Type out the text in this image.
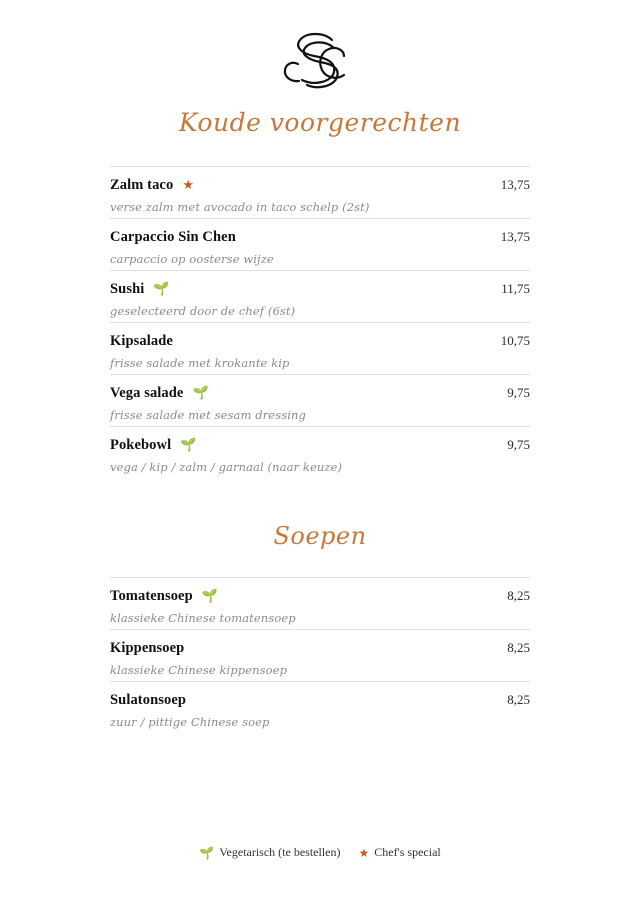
Koude voorgerechten
Zalm taco ★	13,75
verse zalm met avocado in taco schelp (2st)
Carpaccio Sin Chen	13,75
carpaccio op oosterse wijze
Sushi 🌱	11,75
geselecteerd door de chef (6st)
Kipsalade	10,75
frisse salade met krokante kip
Vega salade 🌱	9,75
frisse salade met sesam dressing
Pokebowl 🌱	9,75
vega / kip / zalm / garnaal (naar keuze)
Soepen
Tomatensoep 🌱	8,25
klassieke Chinese tomatensoep
Kippensoep	8,25
klassieke Chinese kippensoep
Sulatonsoep	8,25
zuur / pittige Chinese soep
🌱 Vegetarisch (te bestellen) ★ Chef's special
